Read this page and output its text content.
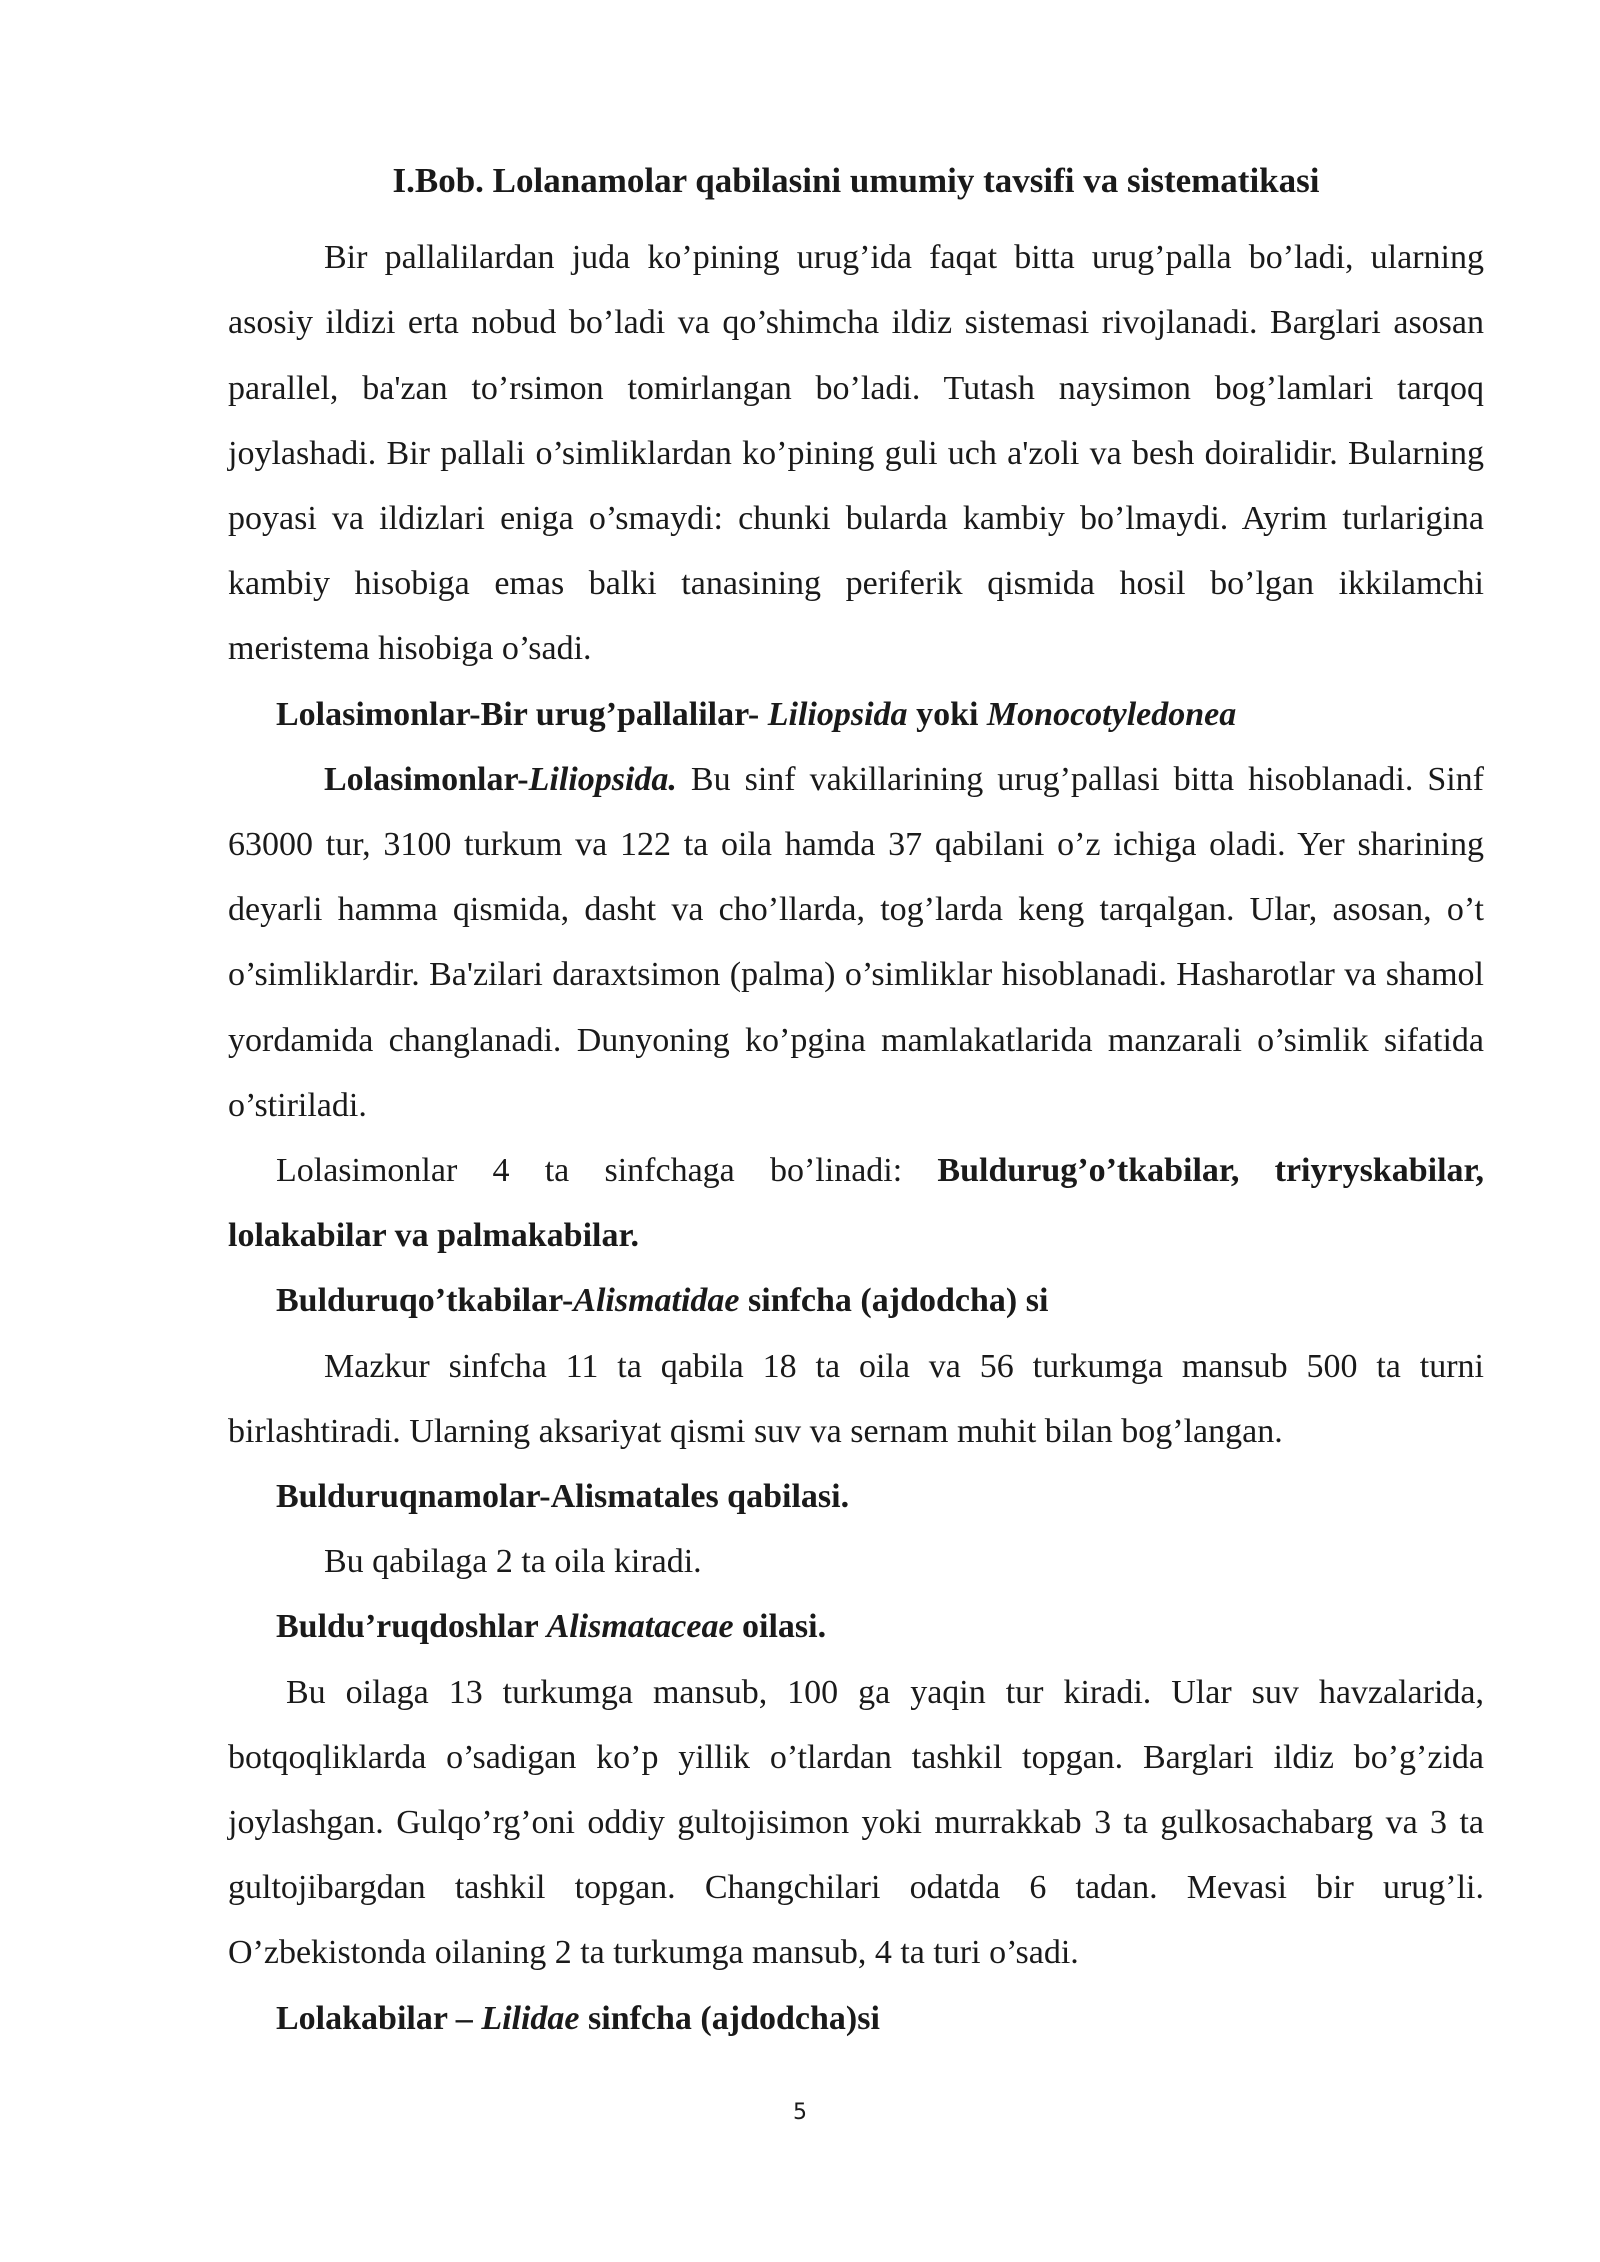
I.Bob. Lolanamolar qabilasini umumiy tavsifi va sistematikasi

Bir pallalilardan juda ko’pining urug’ida faqat bitta urug’palla bo’ladi, ularning asosiy ildizi erta nobud bo’ladi va qo’shimcha ildiz sistemasi rivojlanadi. Barglari asosan parallel, ba'zan to’rsimon tomirlangan bo’ladi. Tutash naysimon bog’lamlari tarqoq joylashadi. Bir pallali o’simliklardan ko’pining guli uch a'zoli va besh doiralidir. Bularning poyasi va ildizlari eniga o’smaydi: chunki bularda kambiy bo’lmaydi. Ayrim turlarigina kambiy hisobiga emas balki tanasining periferik qismida hosil bo’lgan ikkilamchi meristema hisobiga o’sadi.

Lolasimonlar-Bir urug’pallalilar- Liliopsida yoki Monocotyledonea

Lolasimonlar-Liliopsida. Bu sinf vakillarining urug’pallasi bitta hisoblanadi. Sinf 63000 tur, 3100 turkum va 122 ta oila hamda 37 qabilani o’z ichiga oladi. Yer sharining deyarli hamma qismida, dasht va cho’llarda, tog’larda keng tarqalgan. Ular, asosan, o’t o’simliklardir. Ba'zilari daraxtsimon (palma) o’simliklar hisoblanadi. Hasharotlar va shamol yordamida changlanadi. Dunyoning ko’pgina mamlakatlarida manzarali o’simlik sifatida o’stiriladi.

Lolasimonlar 4 ta sinfchaga bo’linadi: Buldurug’o’tkabilar, triyryskabilar, lolakabilar va palmakabilar.

Bulduruqo’tkabilar-Alismatidae sinfcha (ajdodcha) si

Mazkur sinfcha 11 ta qabila 18 ta oila va 56 turkumga mansub 500 ta turni birlashtiradi. Ularning aksariyat qismi suv va sernam muhit bilan bog’langan.

Bulduruqnamolar-Alismatales qabilasi.

Bu qabilaga 2 ta oila kiradi.

Buldu’ruqdoshlar Alismataceae oilasi.

Bu oilaga 13 turkumga mansub, 100 ga yaqin tur kiradi. Ular suv havzalarida, botqoqliklarda o’sadigan ko’p yillik o’tlardan tashkil topgan. Barglari ildiz bo’g’zida joylashgan. Gulqo’rg’oni oddiy gultojisimon yoki murrakkab 3 ta gulkosachabarg va 3 ta gultojibargdan tashkil topgan. Changchilari odatda 6 tadan. Mevasi bir urug’li. O’zbekistonda oilaning 2 ta turkumga mansub, 4 ta turi o’sadi.

Lolakabilar – Lilidae sinfcha (ajdodcha)si

5
